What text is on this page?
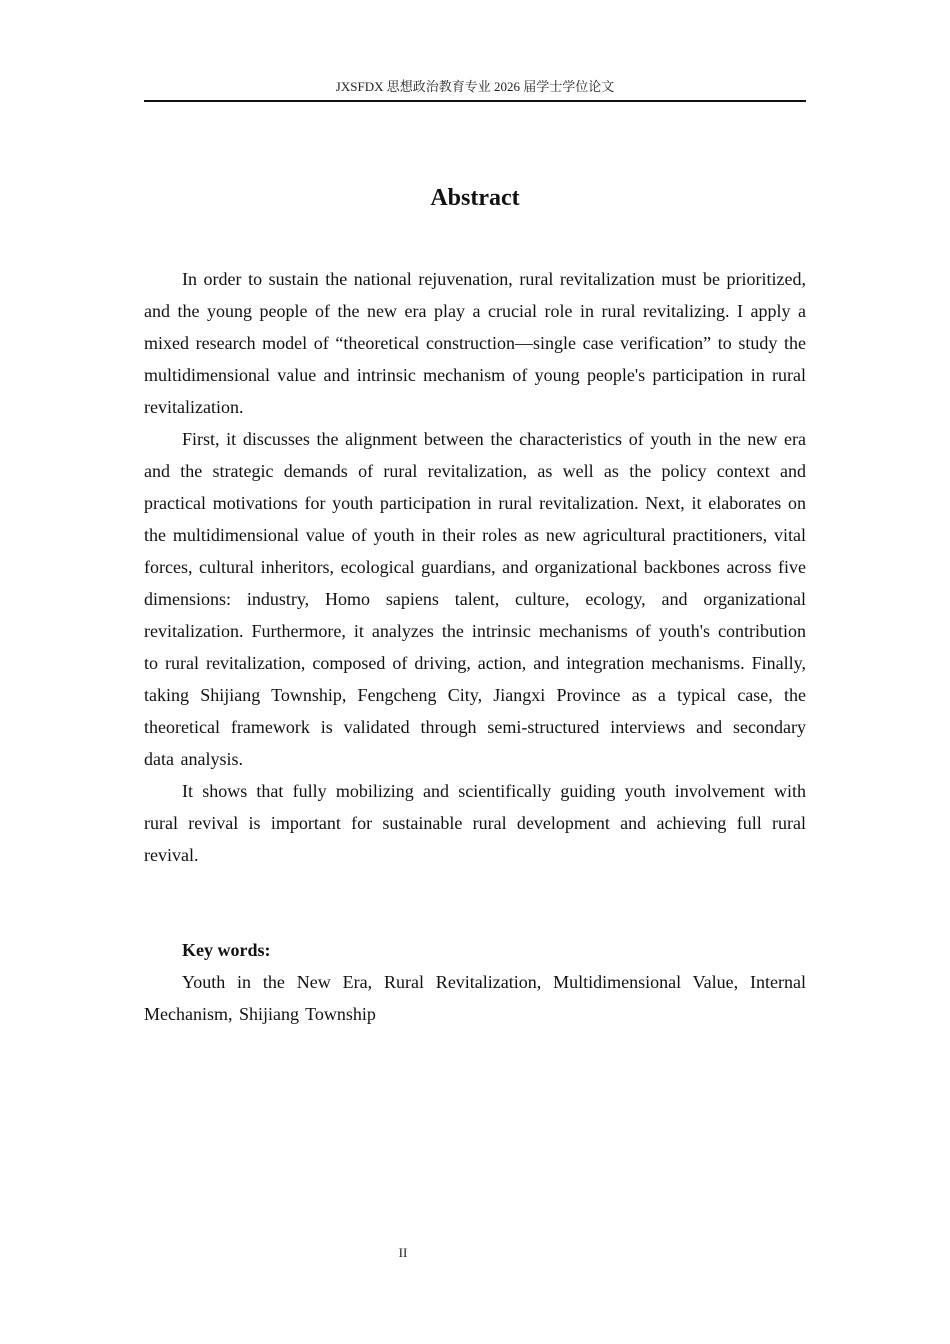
JXSFDX 思想政治教育专业 2026 届学士学位论文
Abstract

In order to sustain the national rejuvenation, rural revitalization must be prioritized, and the young people of the new era play a crucial role in rural revitalizing. I apply a mixed research model of “theoretical construction—single case verification” to study the multidimensional value and intrinsic mechanism of young people's participation in rural revitalization.

First, it discusses the alignment between the characteristics of youth in the new era and the strategic demands of rural revitalization, as well as the policy context and practical motivations for youth participation in rural revitalization. Next, it elaborates on the multidimensional value of youth in their roles as new agricultural practitioners, vital forces, cultural inheritors, ecological guardians, and organizational backbones across five dimensions: industry, Homo sapiens talent, culture, ecology, and organizational revitalization. Furthermore, it analyzes the intrinsic mechanisms of youth's contribution to rural revitalization, composed of driving, action, and integration mechanisms. Finally, taking Shijiang Township, Fengcheng City, Jiangxi Province as a typical case, the theoretical framework is validated through semi-structured interviews and secondary data analysis.

It shows that fully mobilizing and scientifically guiding youth involvement with rural revival is important for sustainable rural development and achieving full rural revival.

Key words:
Youth in the New Era, Rural Revitalization, Multidimensional Value, Internal Mechanism, Shijiang Township
II
